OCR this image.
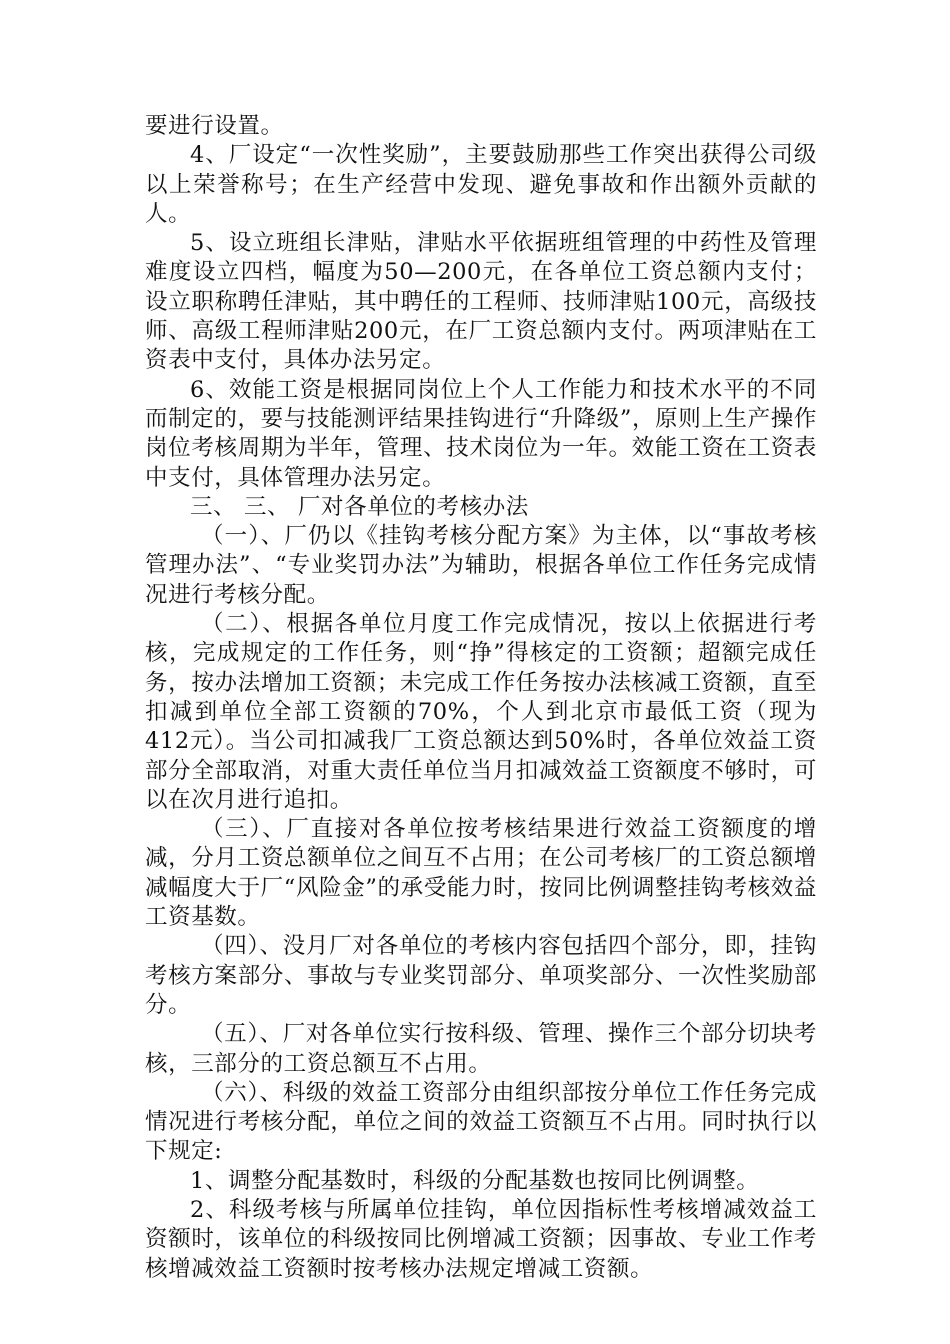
要进行设置。

4、厂设定“一次性奖励”，主要鼓励那些工作突出获得公司级以上荣誉称号；在生产经营中发现、避免事故和作出额外贡献的人。

5、设立班组长津贴，津贴水平依据班组管理的中药性及管理难度设立四档，幅度为50—200元，在各单位工资总额内支付；设立职称聘任津贴，其中聘任的工程师、技师津贴100元，高级技师、高级工程师津贴200元，在厂工资总额内支付。两项津贴在工资表中支付，具体办法另定。

6、效能工资是根据同岗位上个人工作能力和技术水平的不同而制定的，要与技能测评结果挂钩进行“升降级”，原则上生产操作岗位考核周期为半年，管理、技术岗位为一年。效能工资在工资表中支付，具体管理办法另定。

三、 三、 厂对各单位的考核办法

（一）、厂仍以《挂钩考核分配方案》为主体，以“事故考核管理办法”、“专业奖罚办法”为辅助，根据各单位工作任务完成情况进行考核分配。

（二）、根据各单位月度工作完成情况，按以上依据进行考核，完成规定的工作任务，则“挣”得核定的工资额；超额完成任务，按办法增加工资额；未完成工作任务按办法核减工资额，直至扣减到单位全部工资额的70%，个人到北京市最低工资（现为412元）。当公司扣减我厂工资总额达到50%时，各单位效益工资部分全部取消，对重大责任单位当月扣减效益工资额度不够时，可以在次月进行追扣。

（三）、厂直接对各单位按考核结果进行效益工资额度的增减，分月工资总额单位之间互不占用；在公司考核厂的工资总额增减幅度大于厂“风险金”的承受能力时，按同比例调整挂钩考核效益工资基数。

（四）、没月厂对各单位的考核内容包括四个部分，即，挂钩考核方案部分、事故与专业奖罚部分、单项奖部分、一次性奖励部分。

（五）、厂对各单位实行按科级、管理、操作三个部分切块考核，三部分的工资总额互不占用。

（六）、科级的效益工资部分由组织部按分单位工作任务完成情况进行考核分配，单位之间的效益工资额互不占用。同时执行以下规定:

1、调整分配基数时，科级的分配基数也按同比例调整。

2、科级考核与所属单位挂钩，单位因指标性考核增减效益工资额时，该单位的科级按同比例增减工资额；因事故、专业工作考核增减效益工资额时按考核办法规定增减工资额。
